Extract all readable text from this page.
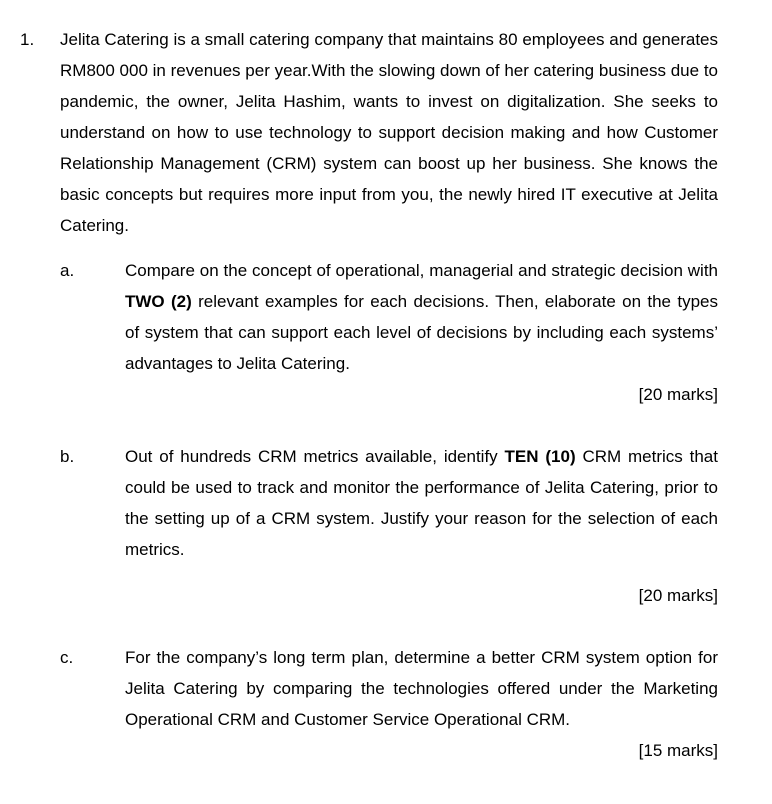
1. Jelita Catering is a small catering company that maintains 80 employees and generates RM800 000 in revenues per year.With the slowing down of her catering business due to pandemic, the owner, Jelita Hashim, wants to invest on digitalization. She seeks to understand on how to use technology to support decision making and how Customer Relationship Management (CRM) system can boost up her business. She knows the basic concepts but requires more input from you, the newly hired IT executive at Jelita Catering.
a.	Compare on the concept of operational, managerial and strategic decision with TWO (2) relevant examples for each decisions. Then, elaborate on the types of system that can support each level of decisions by including each systems’ advantages to Jelita Catering.
[20 marks]
b.	Out of hundreds CRM metrics available, identify TEN (10) CRM metrics that could be used to track and monitor the performance of Jelita Catering, prior to the setting up of a CRM system. Justify your reason for the selection of each metrics.
[20 marks]
c.	For the company’s long term plan, determine a better CRM system option for Jelita Catering by comparing the technologies offered under the Marketing Operational CRM and Customer Service Operational CRM.
[15 marks]
